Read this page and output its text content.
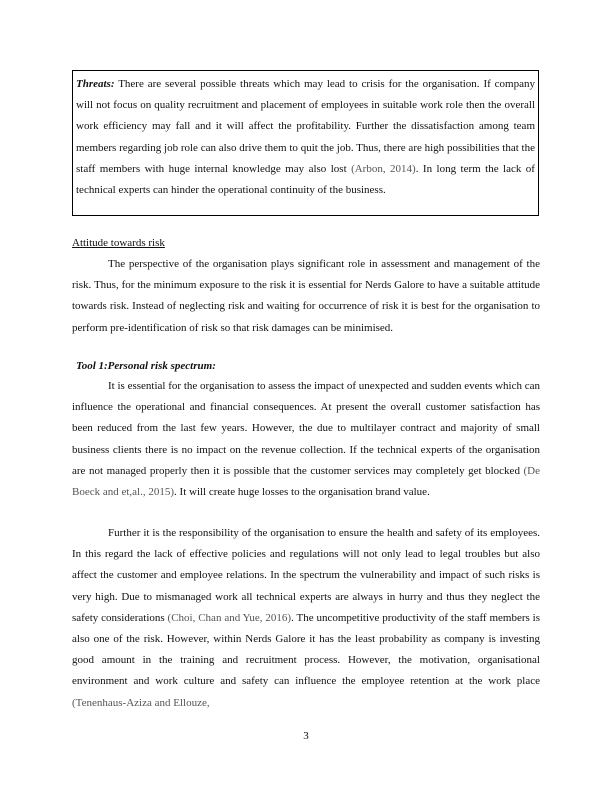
Threats: There are several possible threats which may lead to crisis for the organisation. If company will not focus on quality recruitment and placement of employees in suitable work role then the overall work efficiency may fall and it will affect the profitability. Further the dissatisfaction among team members regarding job role can also drive them to quit the job. Thus, there are high possibilities that the staff members with huge internal knowledge may also lost (Arbon, 2014). In long term the lack of technical experts can hinder the operational continuity of the business.
Attitude towards risk

The perspective of the organisation plays significant role in assessment and management of the risk. Thus, for the minimum exposure to the risk it is essential for Nerds Galore to have a suitable attitude towards risk. Instead of neglecting risk and waiting for occurrence of risk it is best for the organisation to perform pre-identification of risk so that risk damages can be minimised.

Tool 1:Personal risk spectrum:

It is essential for the organisation to assess the impact of unexpected and sudden events which can influence the operational and financial consequences. At present the overall customer satisfaction has been reduced from the last few years. However, the due to multilayer contract and majority of small business clients there is no impact on the revenue collection. If the technical experts of the organisation are not managed properly then it is possible that the customer services may completely get blocked (De Boeck and et,al., 2015). It will create huge losses to the organisation brand value.

Further it is the responsibility of the organisation to ensure the health and safety of its employees. In this regard the lack of effective policies and regulations will not only lead to legal troubles but also affect the customer and employee relations. In the spectrum the vulnerability and impact of such risks is very high. Due to mismanaged work all technical experts are always in hurry and thus they neglect the safety considerations (Choi, Chan and Yue, 2016). The uncompetitive productivity of the staff members is also one of the risk. However, within Nerds Galore it has the least probability as company is investing good amount in the training and recruitment process. However, the motivation, organisational environment and work culture and safety can influence the employee retention at the work place (Tenenhaus-Aziza and Ellouze,

3
